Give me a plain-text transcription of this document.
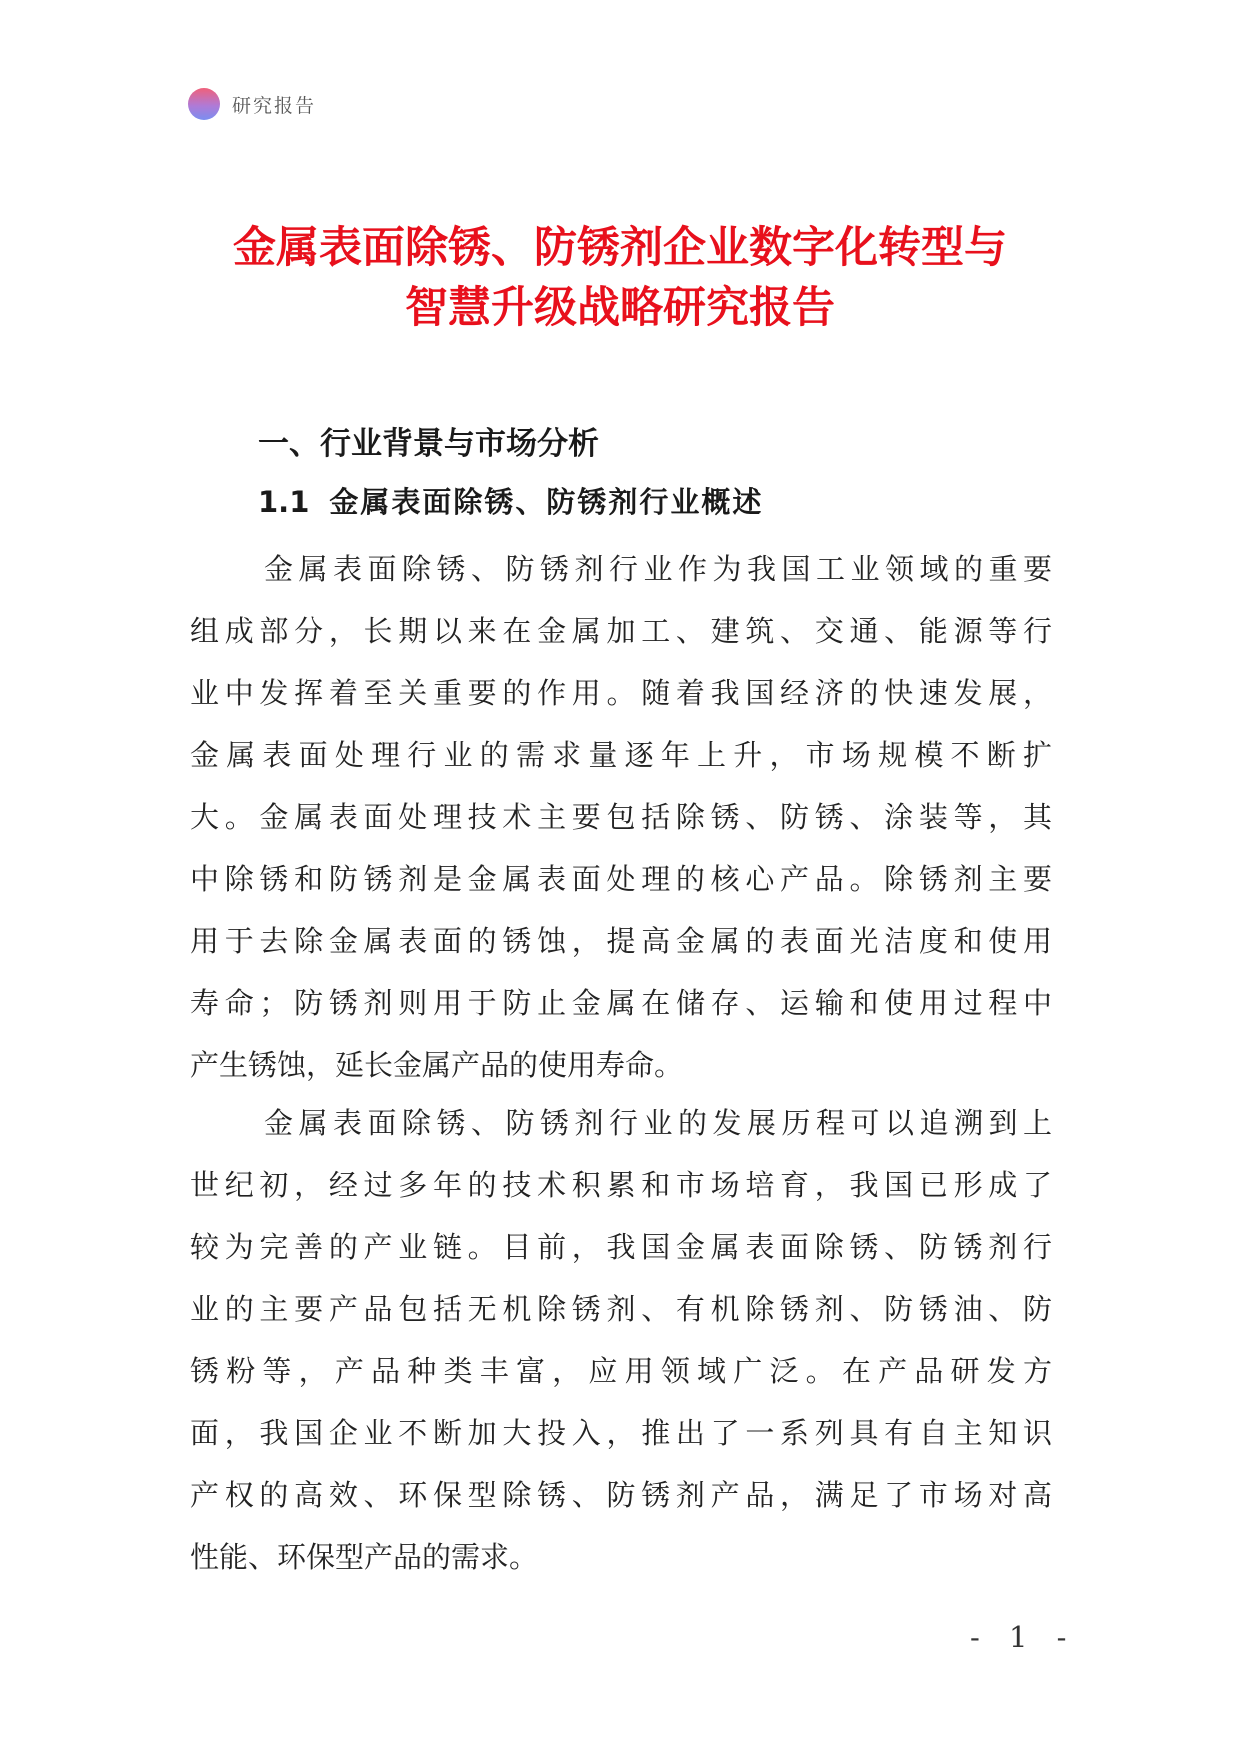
研究报告
金属表面除锈、防锈剂企业数字化转型与
智慧升级战略研究报告
一、行业背景与市场分析
1.1 金属表面除锈、防锈剂行业概述

金属表面除锈、防锈剂行业作为我国工业领域的重要
组成部分，长期以来在金属加工、建筑、交通、能源等行
业中发挥着至关重要的作用。随着我国经济的快速发展，
金属表面处理行业的需求量逐年上升，市场规模不断扩
大。金属表面处理技术主要包括除锈、防锈、涂装等，其
中除锈和防锈剂是金属表面处理的核心产品。除锈剂主要
用于去除金属表面的锈蚀，提高金属的表面光洁度和使用
寿命；防锈剂则用于防止金属在储存、运输和使用过程中
产生锈蚀，延长金属产品的使用寿命。

金属表面除锈、防锈剂行业的发展历程可以追溯到上
世纪初，经过多年的技术积累和市场培育，我国已形成了
较为完善的产业链。目前，我国金属表面除锈、防锈剂行
业的主要产品包括无机除锈剂、有机除锈剂、防锈油、防
锈粉等，产品种类丰富，应用领域广泛。在产品研发方
面，我国企业不断加大投入，推出了一系列具有自主知识
产权的高效、环保型除锈、防锈剂产品，满足了市场对高
性能、环保型产品的需求。

- 1 -
